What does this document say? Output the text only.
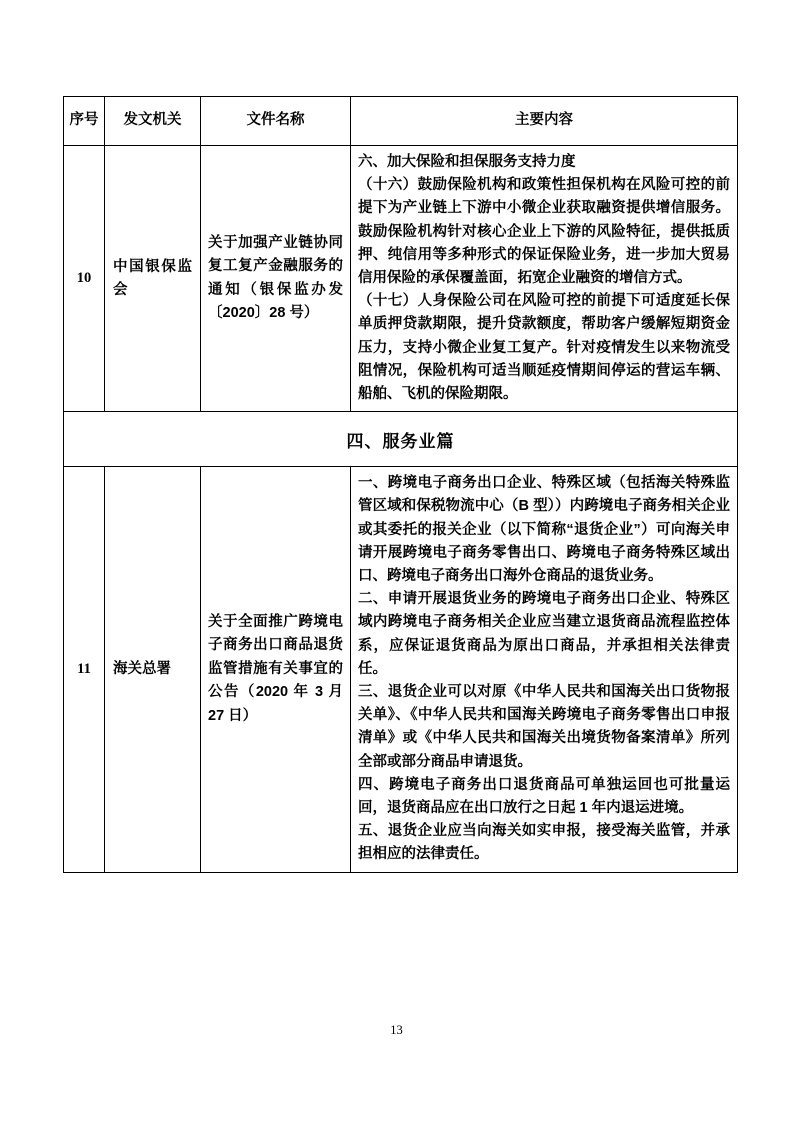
序号	发文机关	文件名称	主要内容
10	中国银保监会	关于加强产业链协同复工复产金融服务的通知（银保监办发〔2020〕28 号）	六、加大保险和担保服务支持力度

（十六）鼓励保险机构和政策性担保机构在风险可控的前提下为产业链上下游中小微企业获取融资提供增信服务。鼓励保险机构针对核心企业上下游的风险特征，提供抵质押、纯信用等多种形式的保证保险业务，进一步加大贸易信用保险的承保覆盖面，拓宽企业融资的增信方式。

（十七）人身保险公司在风险可控的前提下可适度延长保单质押贷款期限，提升贷款额度，帮助客户缓解短期资金压力，支持小微企业复工复产。针对疫情发生以来物流受阻情况，保险机构可适当顺延疫情期间停运的营运车辆、船舶、飞机的保险期限。

四、服务业篇			
11	海关总署	关于全面推广跨境电子商务出口商品退货监管措施有关事宜的公告（2020 年 3 月 27 日）	一、跨境电子商务出口企业、特殊区域（包括海关特殊监管区域和保税物流中心（B 型））内跨境电子商务相关企业或其委托的报关企业（以下简称“退货企业”）可向海关申请开展跨境电子商务零售出口、跨境电子商务特殊区域出口、跨境电子商务出口海外仓商品的退货业务。

二、申请开展退货业务的跨境电子商务出口企业、特殊区域内跨境电子商务相关企业应当建立退货商品流程监控体系，应保证退货商品为原出口商品，并承担相关法律责任。

三、退货企业可以对原《中华人民共和国海关出口货物报关单》、《中华人民共和国海关跨境电子商务零售出口申报清单》或《中华人民共和国海关出境货物备案清单》所列全部或部分商品申请退货。

四、跨境电子商务出口退货商品可单独运回也可批量运回，退货商品应在出口放行之日起 1 年内退运进境。

五、退货企业应当向海关如实申报，接受海关监管，并承担相应的法律责任。

13
